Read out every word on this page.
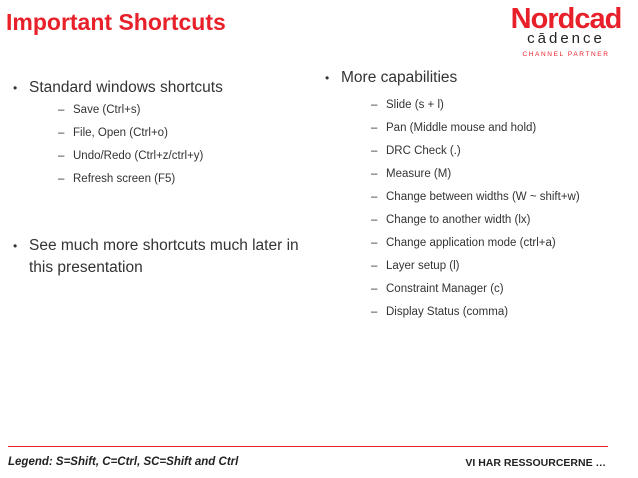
Important Shortcuts	Nordcad
cādence
CHANNEL PARTNER
• Standard windows shortcuts
– Save (Ctrl+s)
– File, Open (Ctrl+o)
– Undo/Redo (Ctrl+z/ctrl+y)
– Refresh screen (F5)
• See much more shortcuts much later in this presentation
• More capabilities
– Slide (s + l)
– Pan (Middle mouse and hold)
– DRC Check (.)
– Measure (M)
– Change between widths (W ~ shift+w)
– Change to another width (lx)
– Change application mode (ctrl+a)
– Layer setup (l)
– Constraint Manager (c)
– Display Status (comma)
Legend: S=Shift, C=Ctrl, SC=Shift and Ctrl	VI HAR RESSOURCERNE …
